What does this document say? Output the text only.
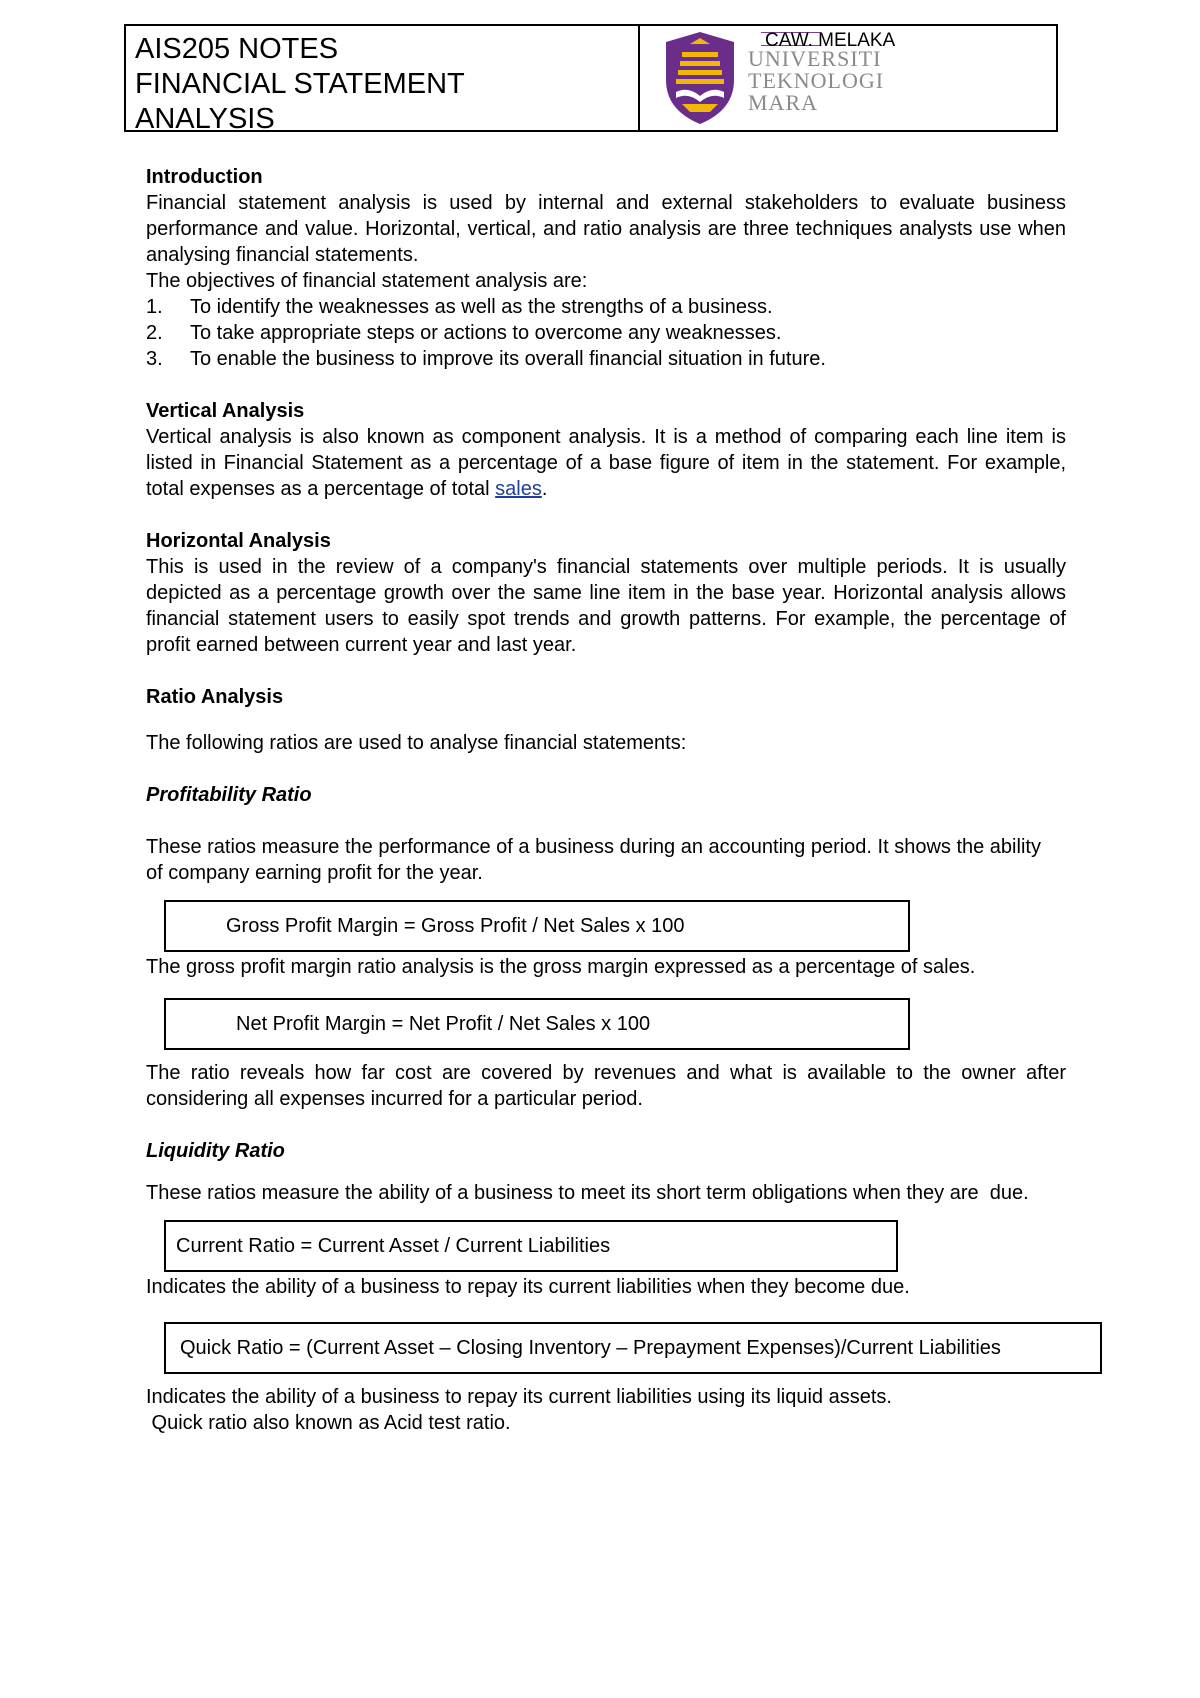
AIS205 NOTES
FINANCIAL STATEMENT
ANALYSIS
UNIVERSITI
TEKNOLOGI
MARA
CAW. MELAKA
Introduction
Financial statement analysis is used by internal and external stakeholders to evaluate business performance and value. Horizontal, vertical, and ratio analysis are three techniques analysts use when analysing financial statements.
The objectives of financial statement analysis are:
1.	To identify the weaknesses as well as the strengths of a business.
2.	To take appropriate steps or actions to overcome any weaknesses.
3.	To enable the business to improve its overall financial situation in future.
Vertical Analysis
Vertical analysis is also known as component analysis. It is a method of comparing each line item is listed in Financial Statement as a percentage of a base figure of item in the statement. For example, total expenses as a percentage of total sales.
Horizontal Analysis
This is used in the review of a company's financial statements over multiple periods. It is usually depicted as a percentage growth over the same line item in the base year. Horizontal analysis allows financial statement users to easily spot trends and growth patterns. For example, the percentage of profit earned between current year and last year.
Ratio Analysis
The following ratios are used to analyse financial statements:
Profitability Ratio
These ratios measure the performance of a business during an accounting period. It shows the ability of company earning profit for the year.
Gross Profit Margin = Gross Profit / Net Sales x 100
The gross profit margin ratio analysis is the gross margin expressed as a percentage of sales.
Net Profit Margin = Net Profit / Net Sales x 100
The ratio reveals how far cost are covered by revenues and what is available to the owner after considering all expenses incurred for a particular period.
Liquidity Ratio
These ratios measure the ability of a business to meet its short term obligations when they are  due.
Current Ratio = Current Asset / Current Liabilities
Indicates the ability of a business to repay its current liabilities when they become due.
Quick Ratio = (Current Asset – Closing Inventory – Prepayment Expenses)/Current Liabilities
Indicates the ability of a business to repay its current liabilities using its liquid assets.
Quick ratio also known as Acid test ratio.
